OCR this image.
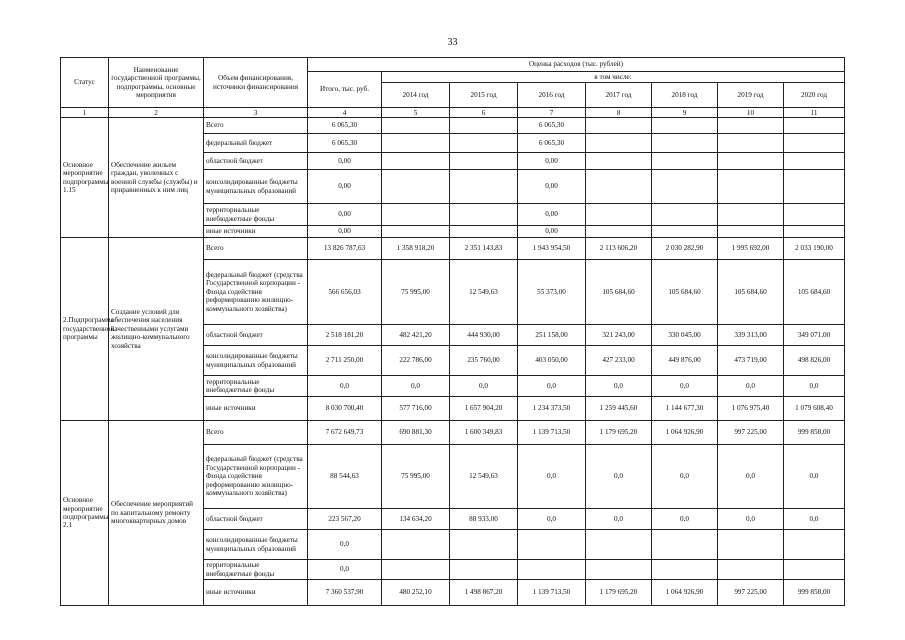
33
Статус	Наименование государственной программы, подпрограммы, основные мероприятия	Объем финансирования, источники финансирования	Оценка расходов (тыс. рублей)							
			Итого, тыс. руб.	в том числе:						
				2014 год	2015 год	2016 год	2017 год	2018 год	2019 год	2020 год
1	2	3	4	5	6	7	8	9	10	11
Основное мероприятие подпрограммы 1.15	Обеспечение жильем граждан, уволенных с военной службы (службы) и приравненных к ним лиц	Всего	6 065,30			6 065,30				
		федеральный бюджет	6 065,30			6 065,30				
		областной бюджет	0,00			0,00				
		консолидированные бюджеты муниципальных образований	0,00			0,00				
		территориальные внебюджетные фонды	0,00			0,00				
		иные источники	0,00			0,00				
2.Подпрограмма государственной программы	Создание условий для обеспечения населения качественными услугами жилищно-коммунального хозяйства	Всего	13 826 787,63	1 358 918,20	2 351 143,83	1 943 954,50	2 113 606,20	2 030 282,90	1 995 692,00	2 033 190,00
		федеральный бюджет (средства Государственной корпорации - Фонда содействия реформированию жилищно-коммунального хозяйства)	566 656,03	75 995,00	12 549,63	55 373,00	105 684,60	105 684,60	105 684,60	105 684,60
		областной бюджет	2 518 181,20	482 421,20	444 930,00	251 158,00	321 243,00	330 045,00	339 313,00	349 071,00
		консолидированные бюджеты муниципальных образований	2 711 250,00	222 786,00	235 760,00	403 050,00	427 233,00	449 876,00	473 719,00	498 826,00
		территориальные внебюджетные фонды	0,0	0,0	0,0	0,0	0,0	0,0	0,0	0,0
		иные источники	8 030 700,40	577 716,00	1 657 904,20	1 234 373,50	1 259 445,60	1 144 677,30	1 076 975,40	1 079 608,40
Основное мероприятие подпрограммы 2.1	Обеспечение мероприятий по капитальному ремонту многоквартирных домов	Всего	7 672 649,73	690 881,30	1 600 349,83	1 139 713,50	1 179 695,20	1 064 926,90	997 225,00	999 858,00
		федеральный бюджет (средства Государственной корпорации - Фонда содействия реформированию жилищно-коммунального хозяйства)	88 544,63	75 995,00	12 549,63	0,0	0,0	0,0	0,0	0,0
		областной бюджет	223 567,20	134 634,20	88 933,00	0,0	0,0	0,0	0,0	0,0
		консолидированные бюджеты муниципальных образований	0,0							
		территориальные внебюджетные фонды	0,0							
		иные источники	7 360 537,90	480 252,10	1 498 867,20	1 139 713,50	1 179 695,20	1 064 926,90	997 225,00	999 858,00
